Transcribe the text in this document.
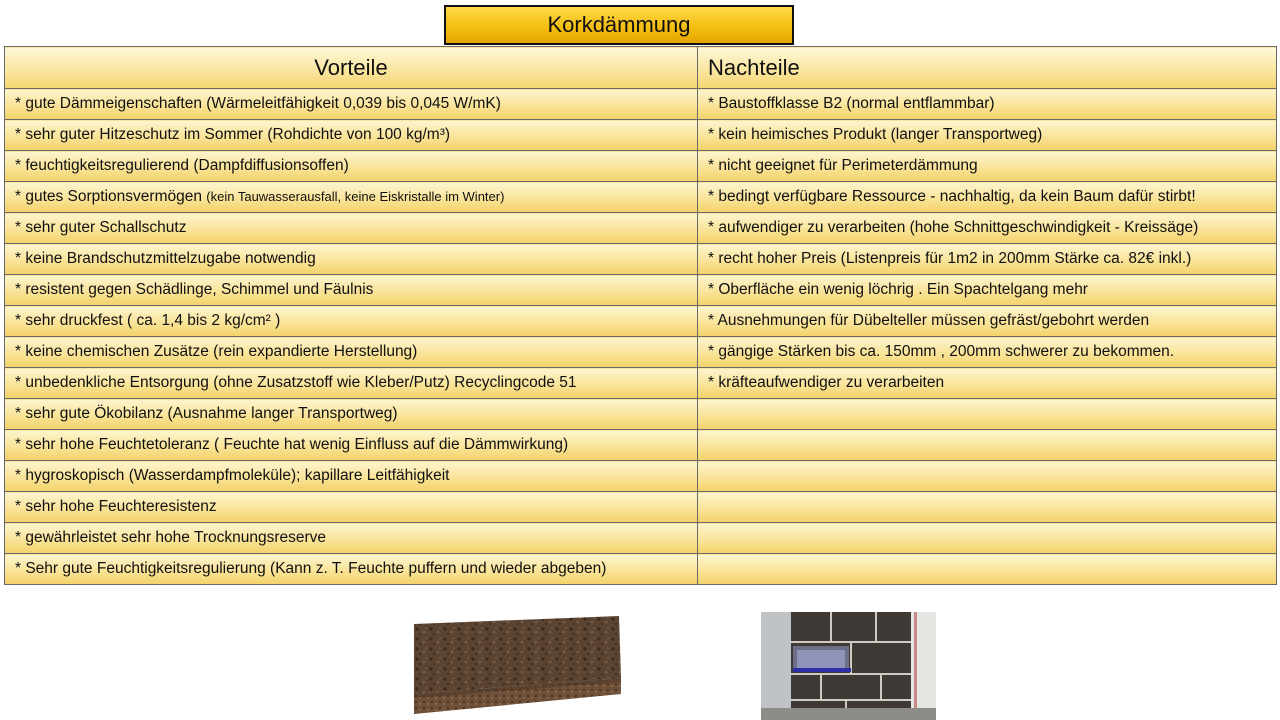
Korkdämmung
Vorteile	Nachteile
* gute Dämmeigenschaften (Wärmeleitfähigkeit 0,039 bis 0,045 W/mK)	* Baustoffklasse B2 (normal entflammbar)
* sehr guter Hitzeschutz im Sommer (Rohdichte von 100 kg/m³)	* kein heimisches Produkt (langer Transportweg)
* feuchtigkeitsregulierend (Dampfdiffusionsoffen)	* nicht geeignet für Perimeterdämmung
* gutes Sorptionsvermögen (kein Tauwasserausfall, keine Eiskristalle im Winter)	* bedingt verfügbare Ressource - nachhaltig, da kein Baum dafür stirbt!
* sehr guter Schallschutz	* aufwendiger zu verarbeiten (hohe Schnittgeschwindigkeit - Kreissäge)
* keine Brandschutzmittelzugabe notwendig	* recht hoher Preis (Listenpreis für 1m2 in 200mm Stärke ca. 82€ inkl.)
* resistent gegen Schädlinge, Schimmel und Fäulnis	* Oberfläche ein wenig löchrig . Ein Spachtelgang mehr
* sehr druckfest ( ca. 1,4 bis 2 kg/cm² )	* Ausnehmungen für Dübelteller müssen gefräst/gebohrt werden
* keine chemischen Zusätze (rein expandierte Herstellung)	* gängige Stärken bis ca. 150mm , 200mm schwerer zu bekommen.
* unbedenkliche Entsorgung (ohne Zusatzstoff wie Kleber/Putz) Recyclingcode 51	* kräfteaufwendiger zu verarbeiten
* sehr gute Ökobilanz (Ausnahme langer Transportweg)	
* sehr hohe Feuchtetoleranz ( Feuchte hat wenig Einfluss auf die Dämmwirkung)	
* hygroskopisch (Wasserdampfmoleküle); kapillare Leitfähigkeit	
* sehr hohe Feuchteresistenz	
* gewährleistet sehr hohe Trocknungsreserve	
* Sehr gute Feuchtigkeitsregulierung (Kann z. T. Feuchte puffern und wieder abgeben)	
